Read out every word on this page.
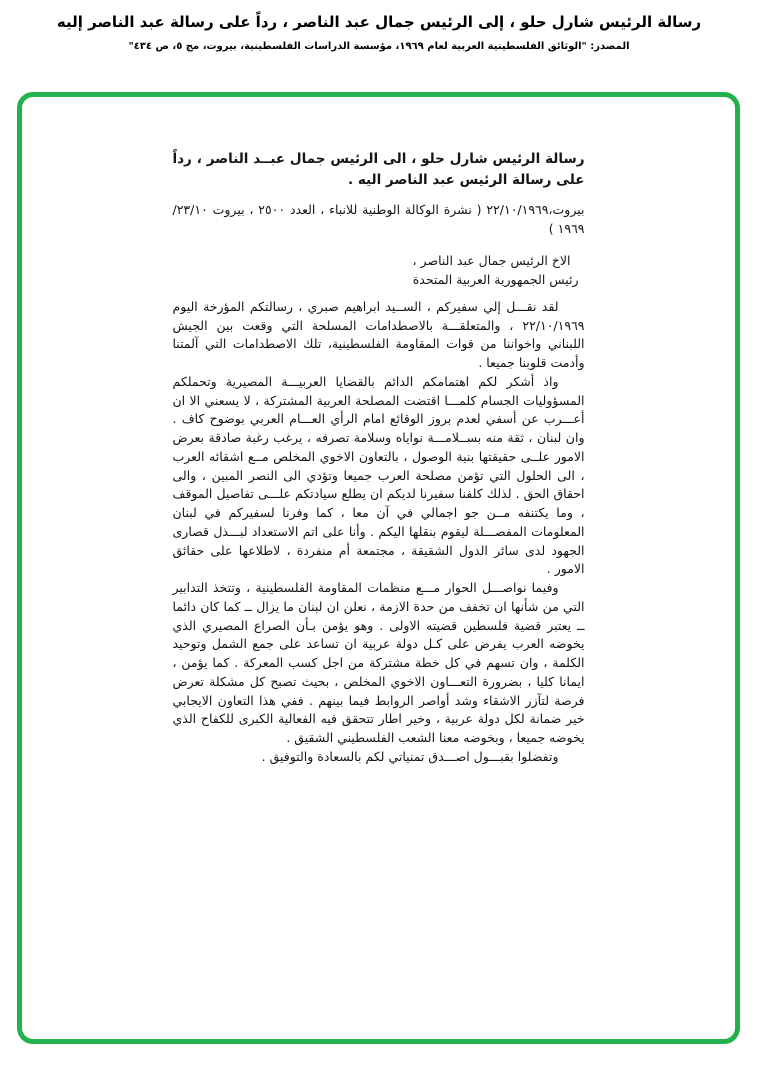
رسالة الرئيس شارل حلو ، إلى الرئيس جمال عبد الناصر ، رداً على رسالة عبد الناصر إليه
المصدر: "الوثائق الفلسطينية العربية لعام ١٩٦٩، مؤسسة الدراسات الفلسطينية، بيروت، مج ٥، ص ٤٣٤"

رسالة الرئيس شارل حلو ، الى الرئيس جمال عبــد الناصر ، رداً على رسالة الرئيس عبد الناصر اليه .

بيروت،٢٢/١٠/١٩٦٩ ( نشرة الوكالة الوطنية للانباء ، العدد ٢٥٠٠ ، بيروت ٢٣/١٠/ ١٩٦٩ )

الاخ الرئيس جمال عبد الناصر ،

رئيس الجمهورية العربية المتحدة

لقد نقـــل إلي سفيركم ، الســيد ابراهيم صبري ، رسالتكم المؤرخة اليوم ٢٢/١٠/١٩٦٩ ، والمتعلقـــة بالاصطدامات المسلحة التي وقعت بين الجيش اللبناني واخواننا من قوات المقاومة الفلسطينية، تلك الاصطدامات التي آلمتنا وأدمت قلوبنا جميعا .

واذ أشكر لكم اهتمامكم الدائم بالقضايا العربيـــة المصيرية وتحملكم المسؤوليات الجسام كلمـــا اقتضت المصلحة العربية المشتركة ، لا يسعني الا ان أعـــرب عن أسفي لعدم بروز الوقائع امام الرأي العـــام العربي بوضوح كاف . وان لبنان ، ثقة منه بســلامـــة نواياه وسلامة تصرفه ، يرغب رغبة صادقة بعرض الامور علــى حقيقتها بنية الوصول ، بالتعاون الاخوي المخلص مــع اشقائه العرب ، الى الحلول التي تؤمن مصلحة العرب جميعا وتؤدي الى النصر المبين ، والى احقاق الحق . لذلك كلفنا سفيرنا لديكم ان يطلع سيادتكم علـــى تفاصيل الموقف ، وما يكتنفه مــن جو اجمالي في آن معا ، كما وفرنا لسفيركم في لبنان المعلومات المفصـــلة ليقوم بنقلها اليكم . وأنا على اتم الاستعداد لبـــذل قصارى الجهود لدى سائر الدول الشقيقة ، مجتمعة أم منفردة ، لاطلاعها على حقائق الامور .

وفيما نواصـــل الحوار مـــع منظمات المقاومة الفلسطينية ، وتتخذ التدابير التي من شأنها ان تخفف من حدة الازمة ، نعلن ان لبنان ما يزال ــ كما كان دائما ــ يعتبر قضية فلسطين قضيته الاولى . وهو يؤمن بـأن الصراع المصيري الذي يخوضه العرب يفرض على كـل دولة عربية ان تساعد على جمع الشمل وتوحيد الكلمة ، وان تسهم في كل خطة مشتركة من اجل كسب المعركة . كما يؤمن ، ايمانا كليا ، بضرورة التعـــاون الاخوي المخلص ، بحيث تصبح كل مشكلة تعرض فرصة لتآزر الاشقاء وشد أواصر الروابط فيما بينهم . ففي هذا التعاون الايجابي خير ضمانة لكل دولة عربية ، وخير اطار تتحقق فيه الفعالية الكبرى للكفاح الذي يخوضه جميعا ، وبخوضه معنا الشعب الفلسطيني الشقيق .

وتفضلوا بقبـــول اصـــدق تمنياتي لكم بالسعادة والتوفيق .
